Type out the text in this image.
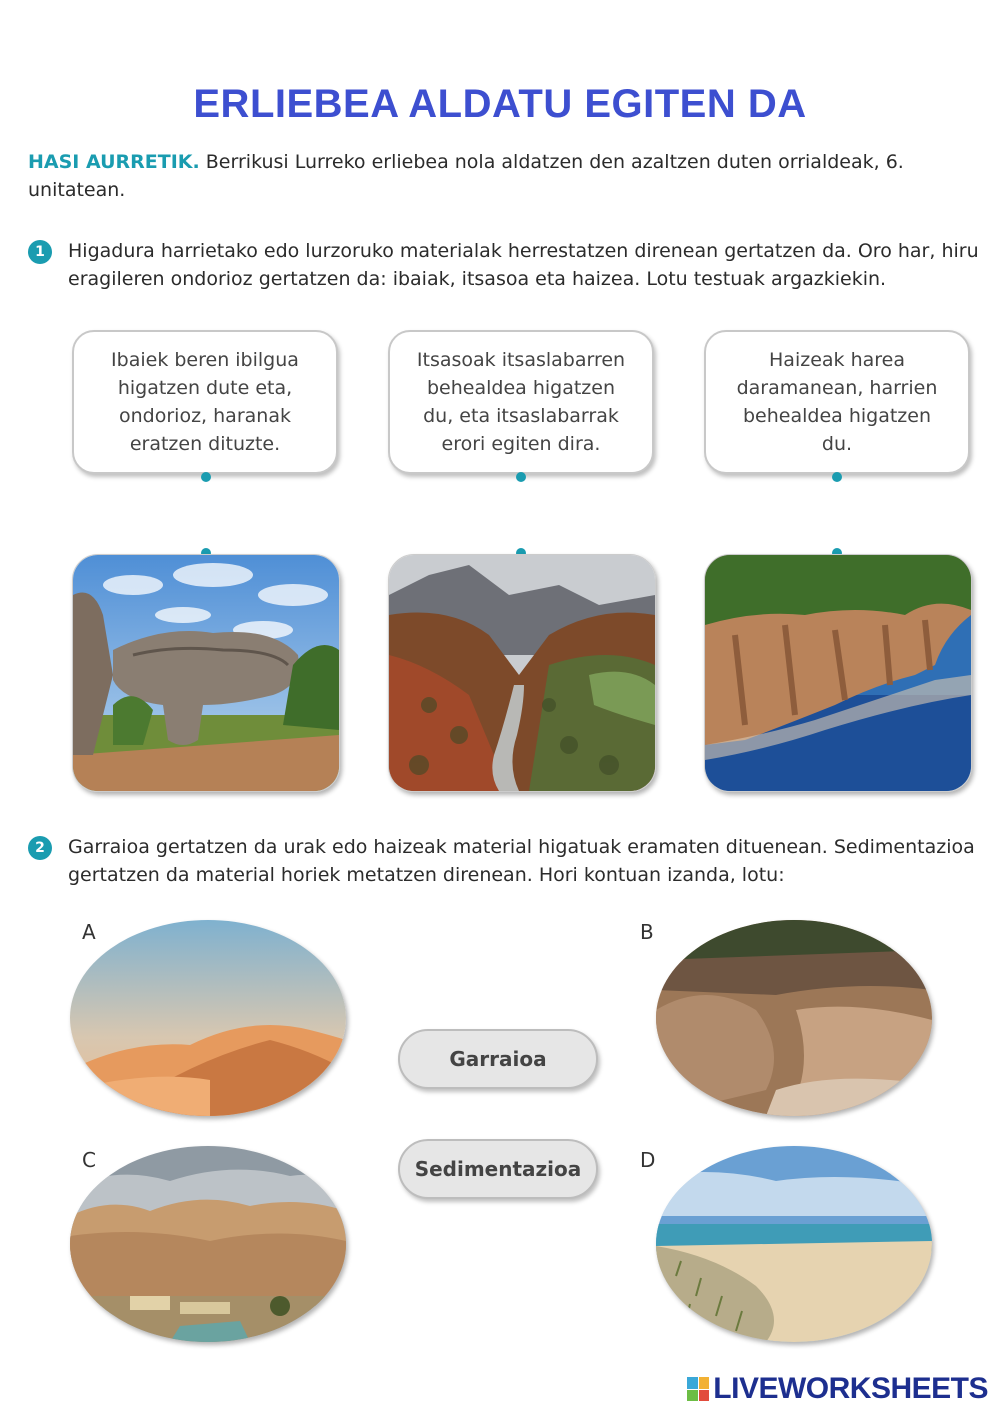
ERLIEBEA ALDATU EGITEN DA
HASI AURRETIK. Berrikusi Lurreko erliebea nola aldatzen den azaltzen duten orrialdeak, 6. unitatean.
1	Higadura harrietako edo lurzoruko materialak herrestatzen direnean gertatzen da. Oro har, hiru eragileren ondorioz gertatzen da: ibaiak, itsasoa eta haizea. Lotu testuak argazkiekin.
Ibaiek beren ibilgua higatzen dute eta, ondorioz, haranak eratzen dituzte.
Itsasoak itsaslabarren behealdea higatzen du, eta itsaslabarrak erori egiten dira.
Haizeak harea daramanean, harrien behealdea higatzen du.
2	Garraioa gertatzen da urak edo haizeak material higatuak eramaten dituenean. Sedimentazioa gertatzen da material horiek metatzen direnean. Hori kontuan izanda, lotu:
A	B
C	D
Garraioa
Sedimentazioa
LIVEWORKSHEETS
